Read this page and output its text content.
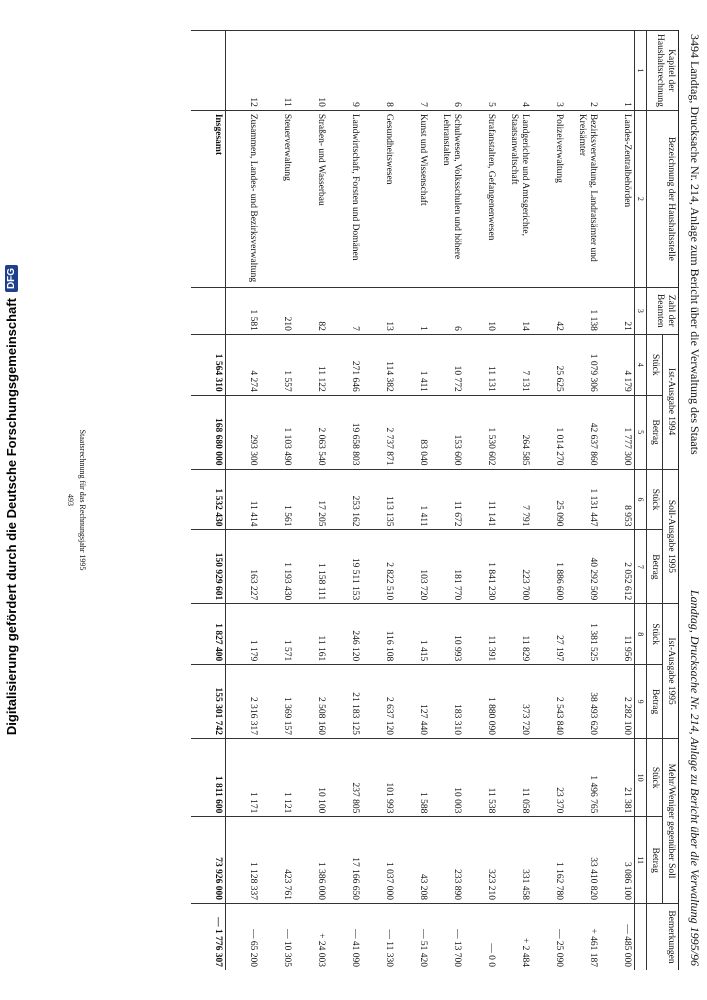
3494 Landtag, Drucksache Nr. 214, Anlage zum Bericht über die Verwaltung des Staats
Landtag, Drucksache Nr. 214, Anlage zu Bericht über die Verwaltung 1995/96
Kapitel der Haushaltsrechnung	Bezeichnung der Haushaltsstelle	Zahl der Beamten	Ist-Ausgabe 1994		Soll-Ausgabe 1995		Ist-Ausgabe 1995		Mehr/Weniger gegenüber Soll		Bemerkungen
			Stück	Betrag	Stück	Betrag	Stück	Betrag	Stück	Betrag	
1	2	3	4	5	6	7	8	9	10	11	
1	Landes-Zentralbehörden	21	4 179	1 777 300	8 953	2 052 612	11 956	2 282 100	21 381	3 086 100	— 485 000
2	Bezirksverwaltung, Landratsämter und Kreisämter	1 138	1 079 306	42 637 860	1 131 447	40 292 509	1 381 525	38 493 620	1 496 765	33 410 820	+ 461 187
3	Polizeiverwaltung	42	25 625	1 014 270	25 090	1 886 600	27 197	2 543 840	23 370	1 162 780	— 25 090
4	Landgerichte und Amtsgerichte, Staatsanwaltschaft	14	7 131	264 585	7 791	223 700	11 829	373 720	11 058	331 458	+ 2 484
5	Strafanstalten, Gefangenenwesen	10	11 131	1 530 602	11 141	1 841 230	11 391	1 880 090	11 538	323 210	— 0 0
6	Schulwesen, Volksschulen und höhere Lehranstalten	6	10 772	153 600	11 672	181 770	10 993	183 310	10 003	233 890	— 13 700
7	Kunst und Wissenschaft	1	1 411	83 040	1 411	103 720	1 415	127 440	1 588	43 208	— 51 420
8	Gesundheitswesen	13	114 382	2 737 871	113 135	2 822 510	116 108	2 637 120	101 993	1 037 000	— 11 330
9	Landwirtschaft, Forsten und Domänen	7	271 646	19 658 803	253 162	19 511 153	246 120	21 183 125	237 805	17 166 650	— 41 090
10	Straßen- und Wasserbau	82	11 122	2 063 540	17 205	1 158 111	11 161	2 508 160	10 100	1 386 000	+ 24 003
11	Steuerverwaltung	210	1 557	1 103 490	1 561	1 193 430	1 571	1 369 157	1 121	423 761	— 10 305
12	Zusammen, Landes- und Bezirksverwaltung	1 581	4 274	293 300	11 414	163 227	1 179	2 316 317	1 171	1 128 337	— 65 200
	Insgesamt		1 564 310	168 680 000	1 532 430	150 929 601	1 827 400	155 301 742	1 811 600	73 926 000	— 1 776 307
Staatsrechnung für das Rechnungsjahr 1995
493
Digitalisierung gefördert durch die Deutsche Forschungsgemeinschaft
DFG
